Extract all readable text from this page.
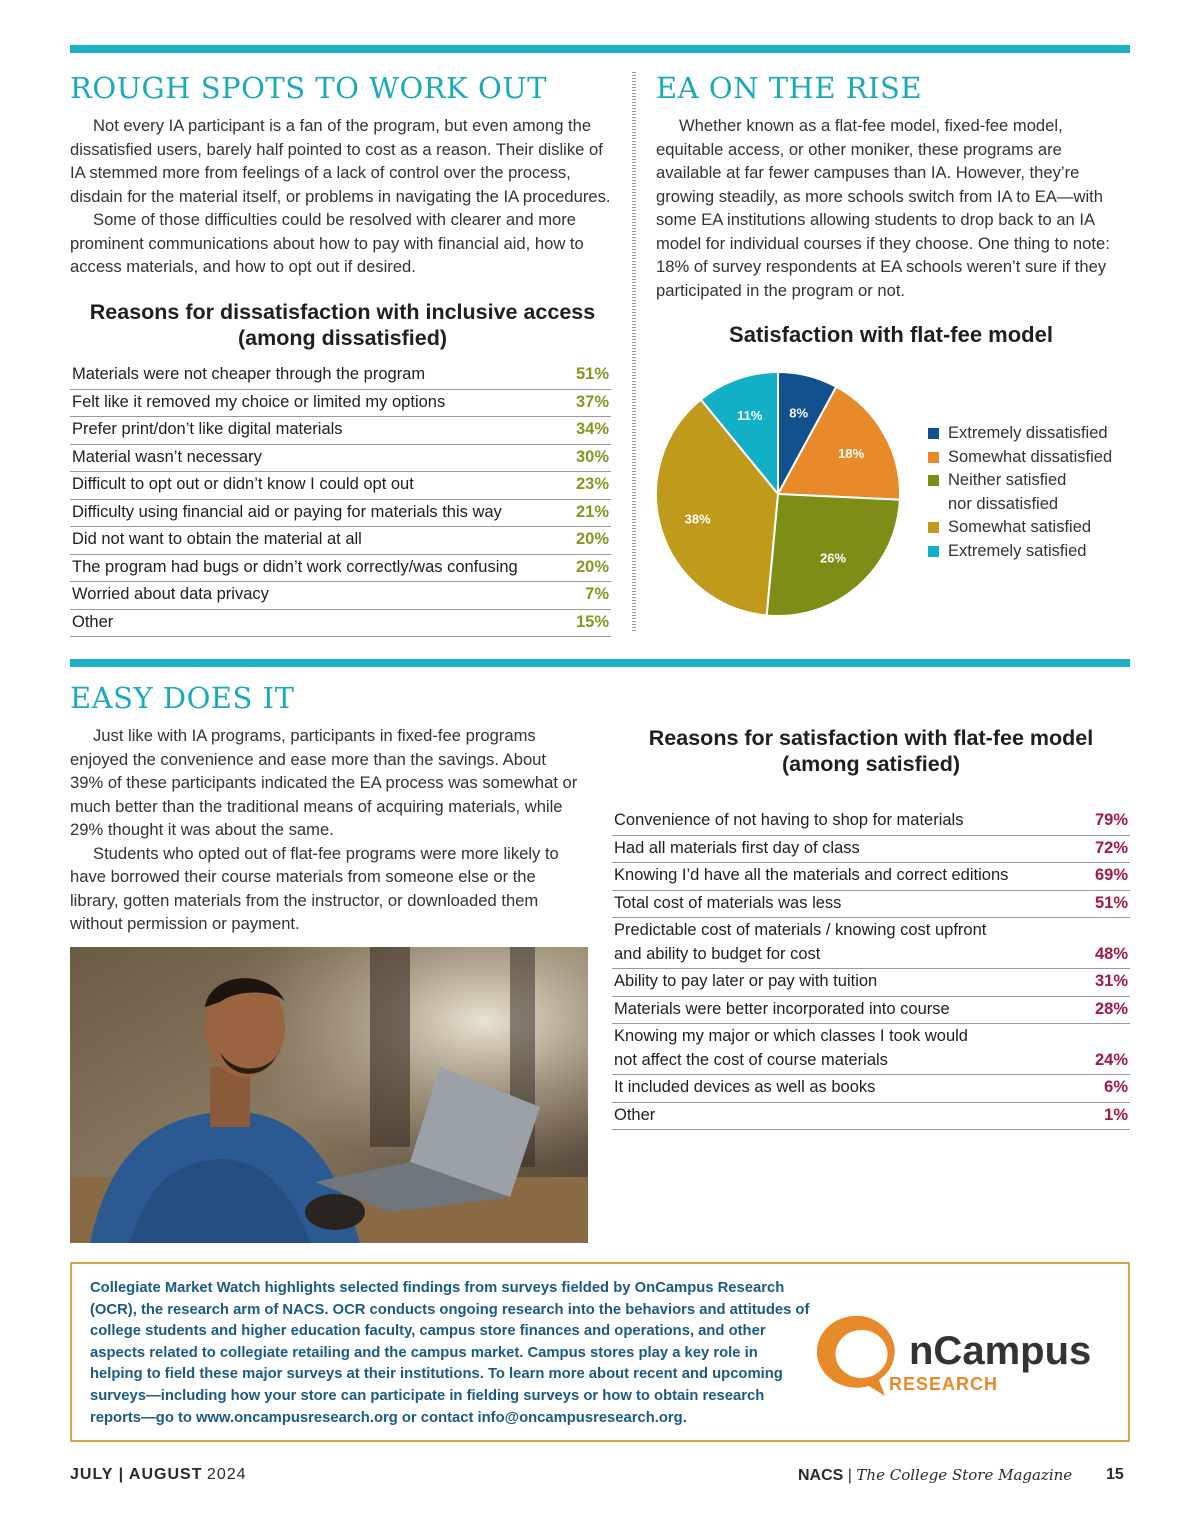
ROUGH SPOTS TO WORK OUT

Not every IA participant is a fan of the program, but even among the dissatisfied users, barely half pointed to cost as a reason. Their dislike of IA stemmed more from feelings of a lack of control over the process, disdain for the material itself, or problems in navigating the IA procedures.

Some of those difficulties could be resolved with clearer and more prominent communications about how to pay with financial aid, how to access materials, and how to opt out if desired.

Reasons for dissatisfaction with inclusive access
(among dissatisfied)
Materials were not cheaper through the program	51%
Felt like it removed my choice or limited my options	37%
Prefer print/don’t like digital materials	34%
Material wasn’t necessary	30%
Difficult to opt out or didn’t know I could opt out	23%
Difficulty using financial aid or paying for materials this way	21%
Did not want to obtain the material at all	20%
The program had bugs or didn’t work correctly/was confusing	20%
Worried about data privacy	7%
Other	15%
EA ON THE RISE

Whether known as a flat-fee model, fixed-fee model, equitable access, or other moniker, these programs are available at far fewer campuses than IA. However, they’re growing steadily, as more schools switch from IA to EA—with some EA institutions allowing students to drop back to an IA model for individual courses if they choose. One thing to note: 18% of survey respondents at EA schools weren’t sure if they participated in the program or not.

Satisfaction with flat-fee model
8%
18%
26%
38%
11%
Extremely dissatisfied
Somewhat dissatisfied
Neither satisfied
nor dissatisfied
Somewhat satisfied
Extremely satisfied
EASY DOES IT

Just like with IA programs, participants in fixed-fee programs enjoyed the convenience and ease more than the savings. About 39% of these participants indicated the EA process was somewhat or much better than the traditional means of acquiring materials, while 29% thought it was about the same.

Students who opted out of flat-fee programs were more likely to have borrowed their course materials from someone else or the library, gotten materials from the instructor, or downloaded them without permission or payment.

Reasons for satisfaction with flat-fee model
(among satisfied)
Convenience of not having to shop for materials	79%
Had all materials first day of class	72%
Knowing I’d have all the materials and correct editions	69%
Total cost of materials was less	51%
Predictable cost of materials / knowing cost upfront
and ability to budget for cost	48%
Ability to pay later or pay with tuition	31%
Materials were better incorporated into course	28%
Knowing my major or which classes I took would
not affect the cost of course materials	24%
It included devices as well as books	6%
Other	1%
Collegiate Market Watch highlights selected findings from surveys fielded by OnCampus Research (OCR), the research arm of NACS. OCR conducts ongoing research into the behaviors and attitudes of college students and higher education faculty, campus store finances and operations, and other aspects related to collegiate retailing and the campus market. Campus stores play a key role in helping to field these major surveys at their institutions. To learn more about recent and upcoming surveys—including how your store can participate in fielding surveys or how to obtain research reports—go to www.oncampusresearch.org or contact info@oncampusresearch.org.
nCampus
RESEARCH
JULY | AUGUST 2024	NACS | The College Store Magazine 15
